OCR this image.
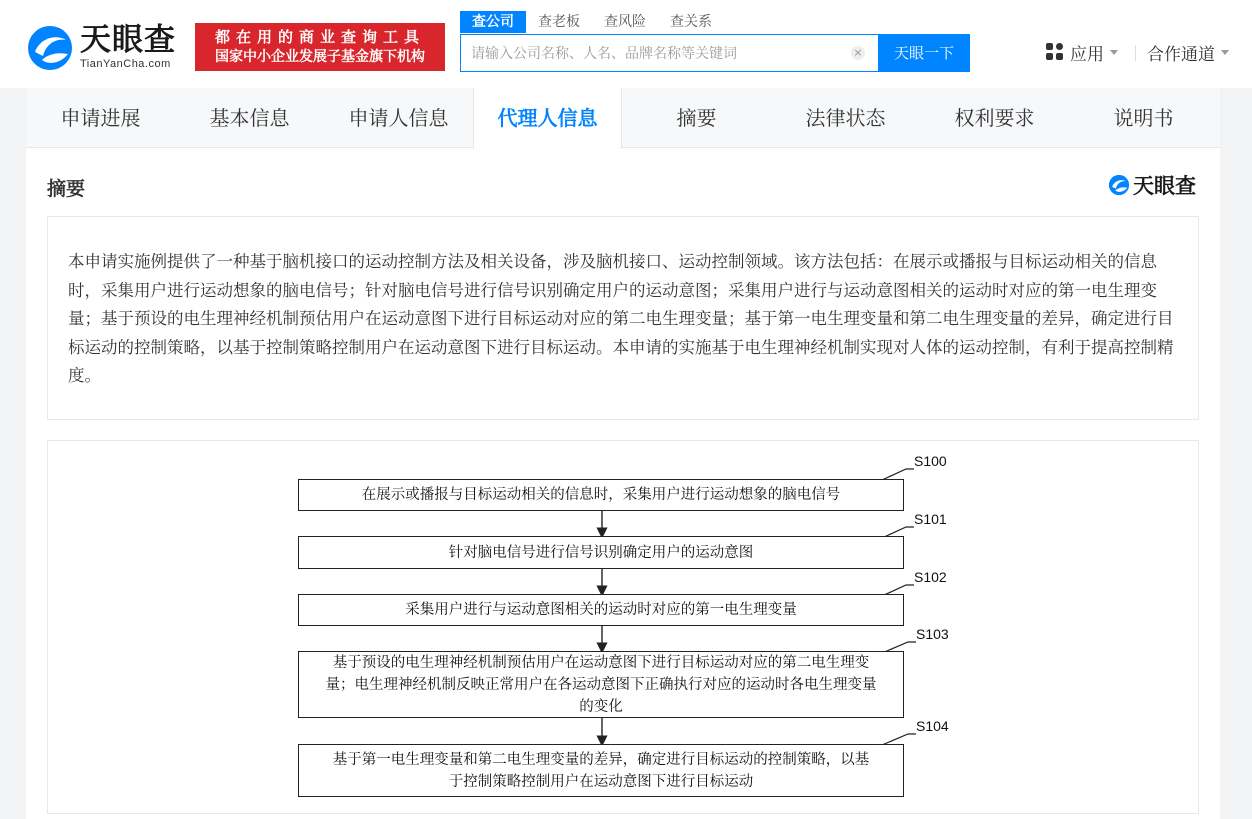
天眼查
TianYanCha.com
都在用的商业查询工具
国家中小企业发展子基金旗下机构
查公司	查老板	查风险	查关系
请输入公司名称、人名、品牌名称等关键词
×	天眼一下	应用	合作通道
申请进展	基本信息	申请人信息	代理人信息	摘要	法律状态	权利要求	说明书
摘要	天眼查
本申请实施例提供了一种基于脑机接口的运动控制方法及相关设备，涉及脑机接口、运动控制领域。该方法包括：在展示或播报与目标运动相关的信息时，采集用户进行运动想象的脑电信号；针对脑电信号进行信号识别确定用户的运动意图；采集用户进行与运动意图相关的运动时对应的第一电生理变量；基于预设的电生理神经机制预估用户在运动意图下进行目标运动对应的第二电生理变量；基于第一电生理变量和第二电生理变量的差异，确定进行目标运动的控制策略，以基于控制策略控制用户在运动意图下进行目标运动。本申请的实施基于电生理神经机制实现对人体的运动控制，有利于提高控制精度。
在展示或播报与目标运动相关的信息时，采集用户进行运动想象的脑电信号
S100
针对脑电信号进行信号识别确定用户的运动意图
S101
采集用户进行与运动意图相关的运动时对应的第一电生理变量
S102
基于预设的电生理神经机制预估用户在运动意图下进行目标运动对应的第二电生理变量；电生理神经机制反映正常用户在各运动意图下正确执行对应的运动时各电生理变量的变化
S103
基于第一电生理变量和第二电生理变量的差异，确定进行目标运动的控制策略，以基于控制策略控制用户在运动意图下进行目标运动
S104
